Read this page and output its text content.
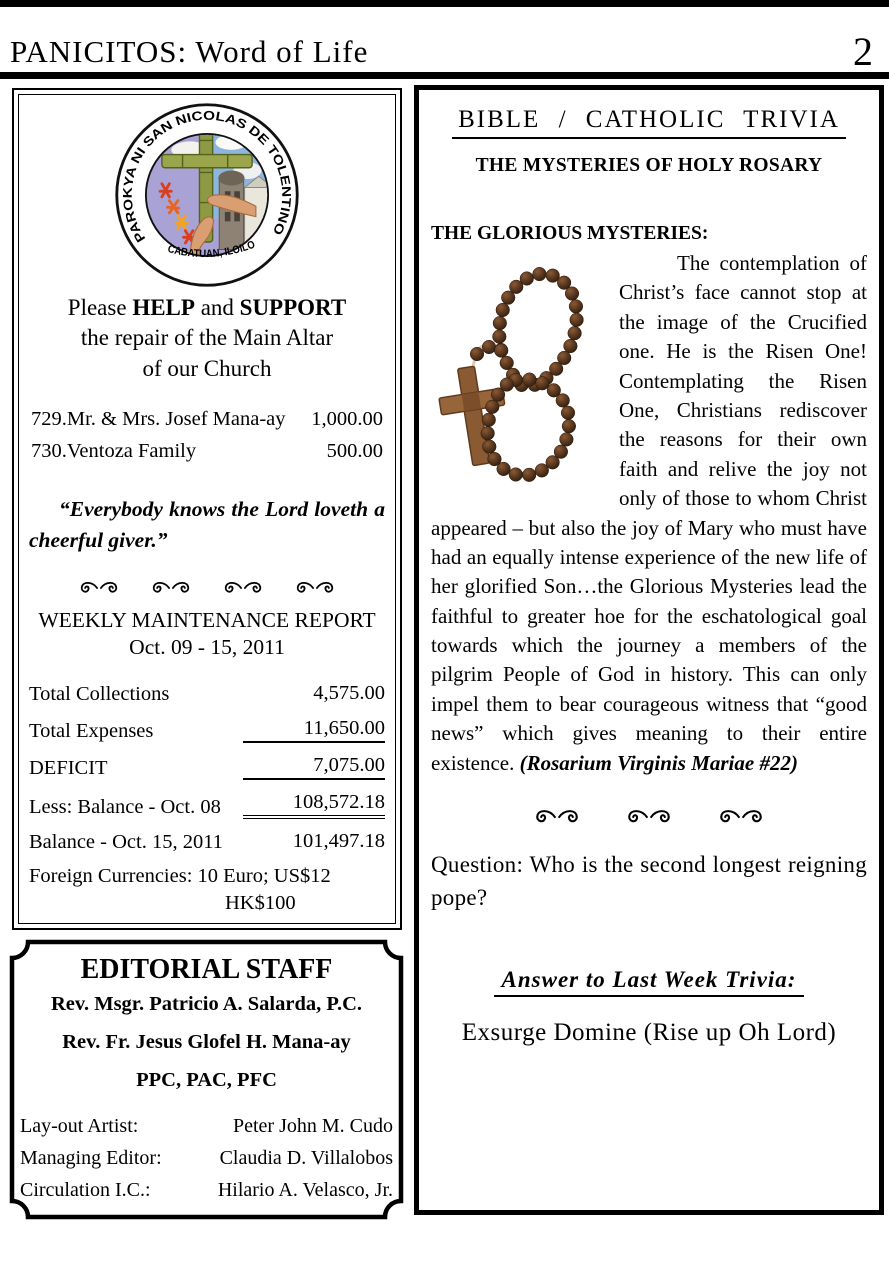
PANICITOS: Word of Life	2
PAROKYA NI SAN NICOLAS DE TOLENTINO
CABATUAN, ILOILO
Please HELP and SUPPORT
the repair of the Main Altar
of our Church
729.Mr. & Mrs. Josef Mana-ay	1,000.00
730.Ventoza Family	500.00
“Everybody knows the Lord loveth a cheerful giver.”
WEEKLY MAINTENANCE REPORT
Oct. 09 - 15, 2011
Total Collections	4,575.00
Total Expenses	11,650.00
DEFICIT	7,075.00
Less: Balance - Oct. 08	108,572.18
Balance - Oct. 15, 2011	101,497.18
Foreign Currencies: 10 Euro; US$12
HK$100
EDITORIAL STAFF
Rev. Msgr. Patricio A. Salarda, P.C.
Rev. Fr. Jesus Glofel H. Mana-ay
PPC, PAC, PFC
Lay-out Artist:	Peter John M. Cudo
Managing Editor:	Claudia D. Villalobos
Circulation I.C.:	Hilario A. Velasco, Jr.
BIBLE / CATHOLIC TRIVIA
THE MYSTERIES OF HOLY ROSARY
THE GLORIOUS MYSTERIES:

The contemplation of Christ’s face cannot stop at the image of the Crucified one. He is the Risen One! Contemplating the Risen One, Christians rediscover the reasons for their own faith and relive the joy not only of those to whom Christ appeared – but also the joy of Mary who must have had an equally intense experience of the new life of her glorified Son…the Glorious Mysteries lead the faithful to greater hoe for the eschatological goal towards which the journey a members of the pilgrim People of God in history. This can only impel them to bear courageous witness that “good news” which gives meaning to their entire existence. (Rosarium Virginis Mariae #22)

Question: Who is the second longest reigning pope?
Answer to Last Week Trivia:
Exsurge Domine (Rise up Oh Lord)
